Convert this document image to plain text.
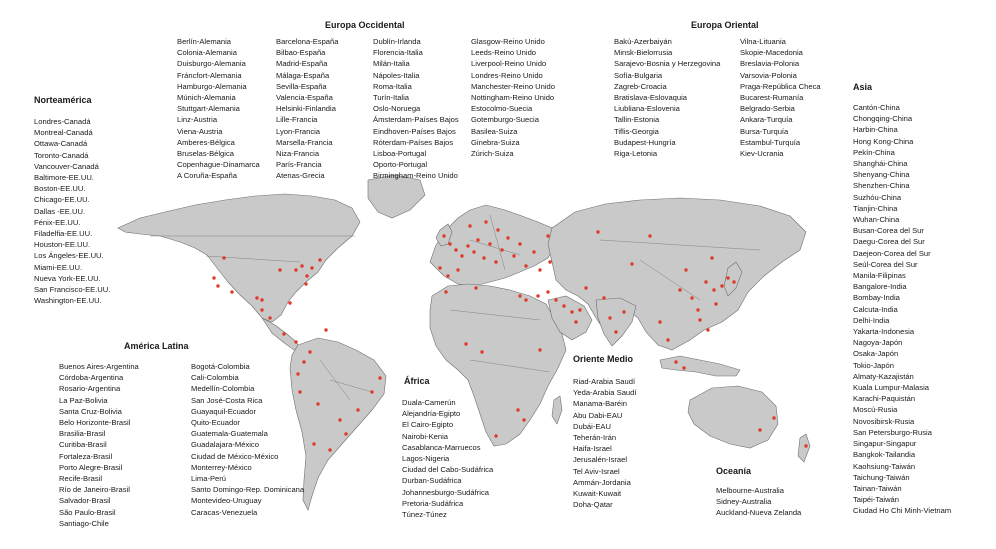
Europa Occidental
Berlín-Alemania
Colonia-Alemania
Duisburgo-Alemania
Fráncfort-Alemania
Hamburgo-Alemania
Múnich-Alemania
Stuttgart-Alemania
Linz-Austria
Viena-Austria
Amberes-Bélgica
Bruselas-Bélgica
Copenhague-Dinamarca
A Coruña-España
Barcelona-España
Bilbao-España
Madrid-España
Málaga-España
Sevilla-España
Valencia-España
Helsinki-Finlandia
Lille-Francia
Lyon-Francia
Marsella-Francia
Niza-Francia
París-Francia
Atenas-Grecia
Dublín-Irlanda
Florencia-Italia
Milán-Italia
Nápoles-Italia
Roma-Italia
Turín-Italia
Oslo-Noruega
Ámsterdam-Países Bajos
Eindhoven-Países Bajos
Róterdam-Países Bajos
Lisboa-Portugal
Oporto-Portugal
Birmingham-Reino Unido
Glasgow-Reino Unido
Leeds-Reino Unido
Liverpool-Reino Unido
Londres-Reino Unido
Manchester-Reino Unido
Nottingham-Reino Unido
Estocolmo-Suecia
Gotemburgo-Suecia
Basilea-Suiza
Ginebra-Suiza
Zúrich-Suiza
Europa Oriental
Bakú-Azerbaiyán
Minsk-Bielorrusia
Sarajevo-Bosnia y Herzegovina
Sofía-Bulgaria
Zagreb-Croacia
Bratislava-Eslovaquia
Liubliana-Eslovenia
Tallin-Estonia
Tiflis-Georgia
Budapest-Hungría
Riga-Letonia
Vilna-Lituania
Skopie-Macedonia
Breslavia-Polonia
Varsovia-Polonia
Praga-República Checa
Bucarest-Rumanía
Belgrado-Serbia
Ankara-Turquía
Bursa-Turquía
Estambul-Turquía
Kiev-Ucrania
Norteamérica
Londres-Canadá
Montreal-Canadá
Ottawa-Canadá
Toronto-Canadá
Vancouver-Canadá
Baltimore-EE.UU.
Boston-EE.UU.
Chicago-EE.UU.
Dallas -EE.UU.
Fénix-EE.UU.
Filadelfia-EE.UU.
Houston-EE.UU.
Los Ángeles-EE.UU.
Miami-EE.UU.
Nueva York-EE.UU.
San Francisco-EE.UU.
Washington-EE.UU.
Asia
Cantón-China
Chongqing-China
Harbin-China
Hong Kong-China
Pekín-China
Shanghái-China
Shenyang-China
Shenzhen-China
Suzhóu-China
Tianjin-China
Wuhan-China
Busan-Corea del Sur
Daegu-Corea del Sur
Daejeon-Corea del Sur
Seúl-Corea del Sur
Manila-Filipinas
Bangalore-India
Bombay-India
Calcuta-India
Delhi-India
Yakarta-Indonesia
Nagoya-Japón
Osaka-Japón
Tokio-Japón
Almaty-Kazajistán
Kuala Lumpur-Malasia
Karachi-Paquistán
Moscú-Rusia
Novosibirsk-Rusia
San Petersburgo-Rusia
Singapur-Singapur
Bangkok-Tailandia
Kaohsiung-Taiwán
Taichung-Taiwán
Tainan-Taiwán
Taipéi-Taiwán
Ciudad Ho Chi Minh-Vietnam
América Latina
Buenos Aires-Argentina
Córdoba-Argentina
Rosario-Argentina
La Paz-Bolivia
Santa Cruz-Bolivia
Belo Horizonte-Brasil
Brasilia-Brasil
Curitiba-Brasil
Fortaleza-Brasil
Porto Alegre-Brasil
Recife-Brasil
Río de Janeiro-Brasil
Salvador-Brasil
São Paulo-Brasil
Santiago-Chile
Bogotá-Colombia
Cali-Colombia
Medellín-Colombia
San José-Costa Rica
Guayaquil-Ecuador
Quito-Ecuador
Guatemala-Guatemala
Guadalajara-México
Ciudad de México-México
Monterrey-México
Lima-Perú
Santo Domingo-Rep. Dominicana
Montevideo-Uruguay
Caracas-Venezuela
África
Duala-Camerún
Alejandría-Egipto
El Cairo-Egipto
Nairobi-Kenia
Casablanca-Marruecos
Lagos-Nigeria
Ciudad del Cabo-Sudáfrica
Durban-Sudáfrica
Johannesburgo-Sudáfrica
Pretoria-Sudáfrica
Túnez-Túnez
Oriente Medio
Riad-Arabia Saudí
Yeda-Arabia Saudí
Manama-Baréin
Abu Dabi-EAU
Dubái-EAU
Teherán-Irán
Haifa-Israel
Jerusalén-Israel
Tel Aviv-Israel
Ammán-Jordania
Kuwait-Kuwait
Doha-Qatar
Oceanía
Melbourne-Australia
Sidney-Australia
Auckland-Nueva Zelanda
